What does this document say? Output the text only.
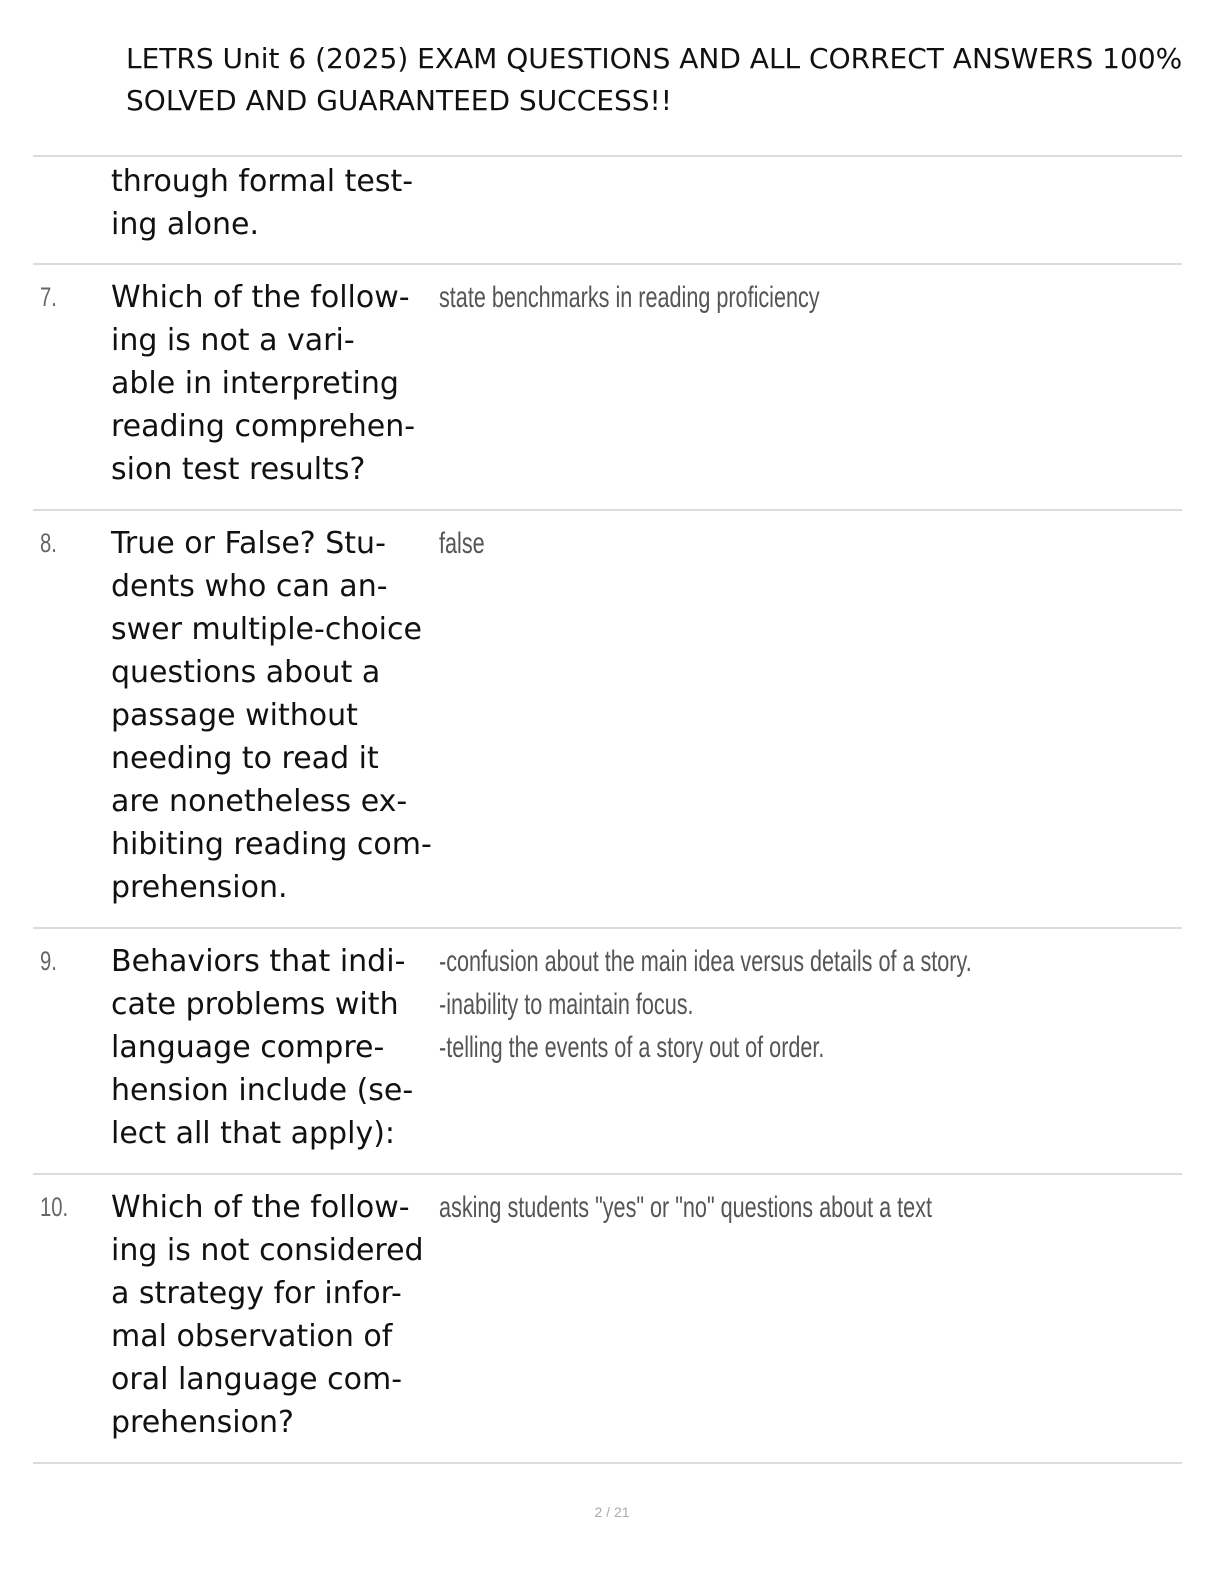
LETRS Unit 6 (2025) EXAM QUESTIONS AND ALL CORRECT ANSWERS 100%
SOLVED AND GUARANTEED SUCCESS!!
through formal test-
ing alone.
7. Which of the follow-
ing is not a vari-
able in interpreting
reading comprehen-
sion test results?
state benchmarks in reading proficiency
8. True or False? Stu-
dents who can an-
swer multiple-choice
questions about a
passage without
needing to read it
are nonetheless ex-
hibiting reading com-
prehension.
false
9. Behaviors that indi-
cate problems with
language compre-
hension include (se-
lect all that apply):
-confusion about the main idea versus details of a story.
-inability to maintain focus.
-telling the events of a story out of order.
10. Which of the follow-
ing is not considered
a strategy for infor-
mal observation of
oral language com-
prehension?
asking students "yes" or "no" questions about a text
2 / 21
